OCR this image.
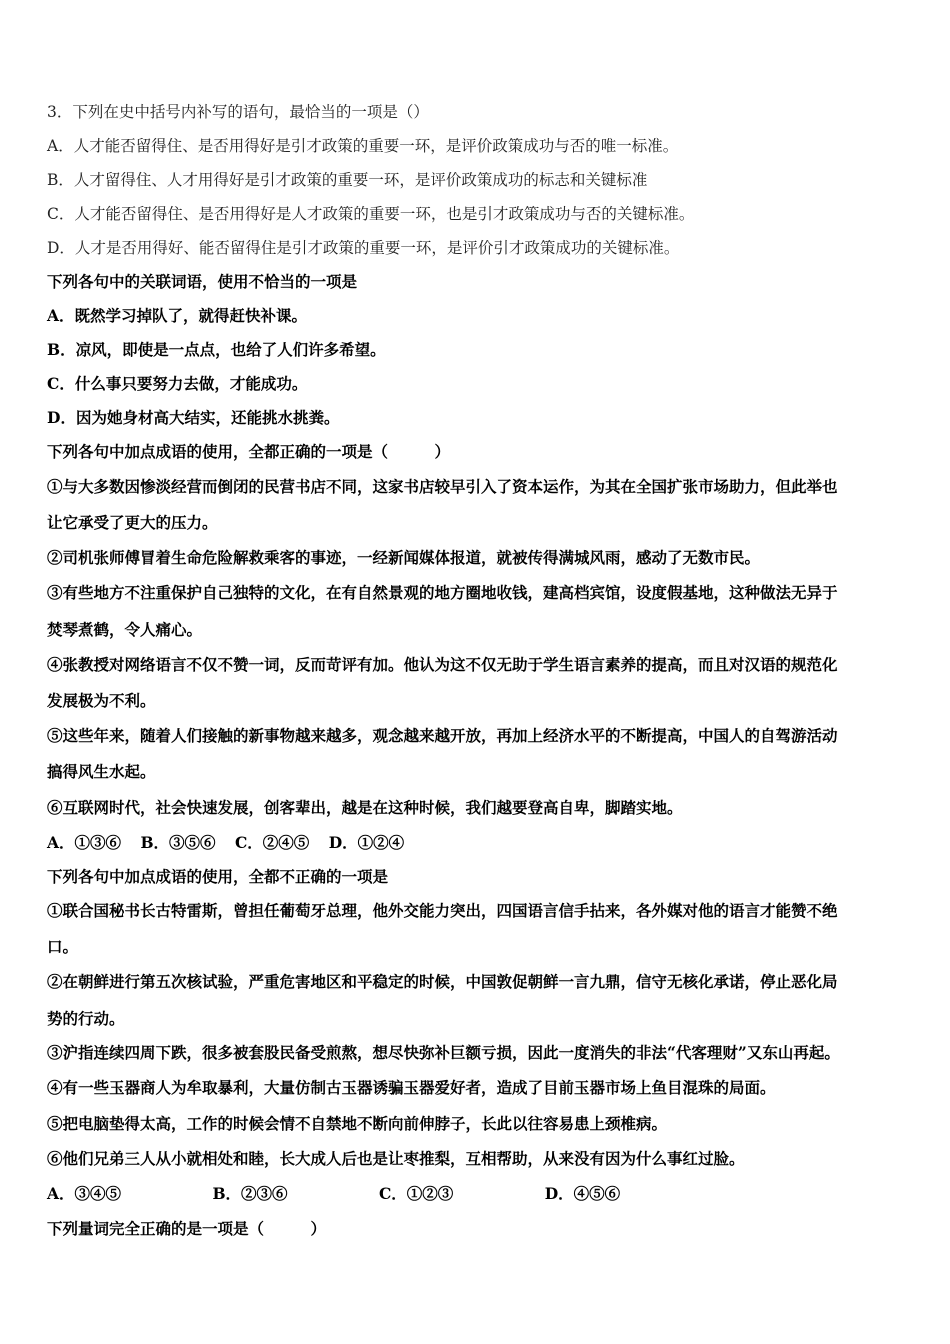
3．下列在史中括号内补写的语句，最恰当的一项是（）
A．人才能否留得住、是否用得好是引才政策的重要一环，是评价政策成功与否的唯一标准。
B．人才留得住、人才用得好是引才政策的重要一环，是评价政策成功的标志和关键标准
C．人才能否留得住、是否用得好是人才政策的重要一环，也是引才政策成功与否的关键标准。
D．人才是否用得好、能否留得住是引才政策的重要一环，是评价引才政策成功的关键标准。
下列各句中的关联词语，使用不恰当的一项是
A．既然学习掉队了，就得赶快补课。
B．凉风，即使是一点点，也给了人们许多希望。
C．什么事只要努力去做，才能成功。
D．因为她身材高大结实，还能挑水挑粪。
下列各句中加点成语的使用，全都正确的一项是（　　　）
①与大多数因惨淡经营而倒闭的民营书店不同，这家书店较早引入了资本运作，为其在全国扩张市场助力，但此举也
让它承受了更大的压力。
②司机张师傅冒着生命危险解救乘客的事迹，一经新闻媒体报道，就被传得满城风雨，感动了无数市民。
③有些地方不注重保护自己独特的文化，在有自然景观的地方圈地收钱，建高档宾馆，设度假基地，这种做法无异于
焚琴煮鹤，令人痛心。
④张教授对网络语言不仅不赞一词，反而苛评有加。他认为这不仅无助于学生语言素养的提高，而且对汉语的规范化
发展极为不利。
⑤这些年来，随着人们接触的新事物越来越多，观念越来越开放，再加上经济水平的不断提高，中国人的自驾游活动
搞得风生水起。
⑥互联网时代，社会快速发展，创客辈出，越是在这种时候，我们越要登高自卑，脚踏实地。
A．①③⑥ B．③⑤⑥ C．②④⑤ D．①②④
下列各句中加点成语的使用，全都不正确的一项是
①联合国秘书长古特雷斯，曾担任葡萄牙总理，他外交能力突出，四国语言信手拈来，各外媒对他的语言才能赞不绝
口。
②在朝鲜进行第五次核试验，严重危害地区和平稳定的时候，中国敦促朝鲜一言九鼎，信守无核化承诺，停止恶化局
势的行动。
③沪指连续四周下跌，很多被套股民备受煎熬，想尽快弥补巨额亏损，因此一度消失的非法“代客理财”又东山再起。
④有一些玉器商人为牟取暴利，大量仿制古玉器诱骗玉器爱好者，造成了目前玉器市场上鱼目混珠的局面。
⑤把电脑垫得太高，工作的时候会情不自禁地不断向前伸脖子，长此以往容易患上颈椎病。
⑥他们兄弟三人从小就相处和睦，长大成人后也是让枣推梨，互相帮助，从来没有因为什么事红过脸。
A．③④⑤	B．②③⑥	C．①②③	D．④⑤⑥
下列量词完全正确的是一项是（　　　）
